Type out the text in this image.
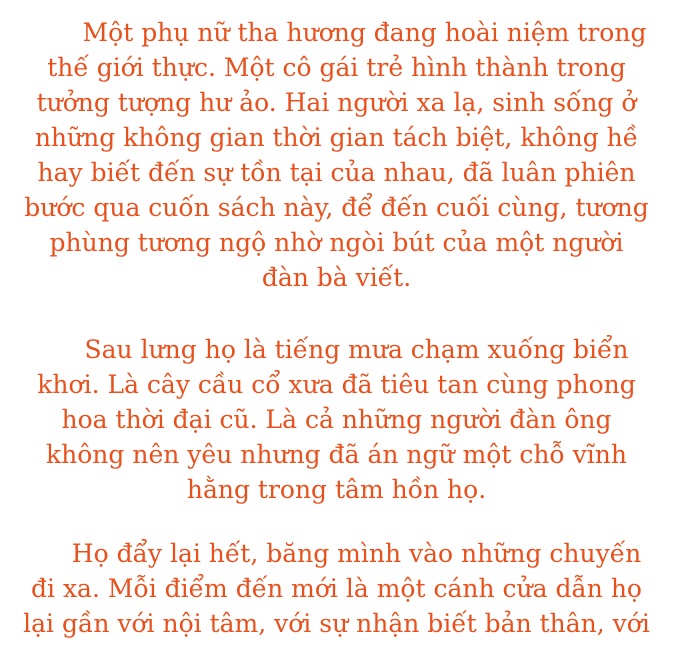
Một phụ nữ tha hương đang hoài niệm trong
thế giới thực. Một cô gái trẻ hình thành trong
tưởng tượng hư ảo. Hai người xa lạ, sinh sống ở
những không gian thời gian tách biệt, không hề
hay biết đến sự tồn tại của nhau, đã luân phiên
bước qua cuốn sách này, để đến cuối cùng, tương
phùng tương ngộ nhờ ngòi bút của một người
đàn bà viết.
Sau lưng họ là tiếng mưa chạm xuống biển
khơi. Là cây cầu cổ xưa đã tiêu tan cùng phong
hoa thời đại cũ. Là cả những người đàn ông
không nên yêu nhưng đã án ngữ một chỗ vĩnh
hằng trong tâm hồn họ.
Họ đẩy lại hết, băng mình vào những chuyến
đi xa. Mỗi điểm đến mới là một cánh cửa dẫn họ
lại gần với nội tâm, với sự nhận biết bản thân, với
